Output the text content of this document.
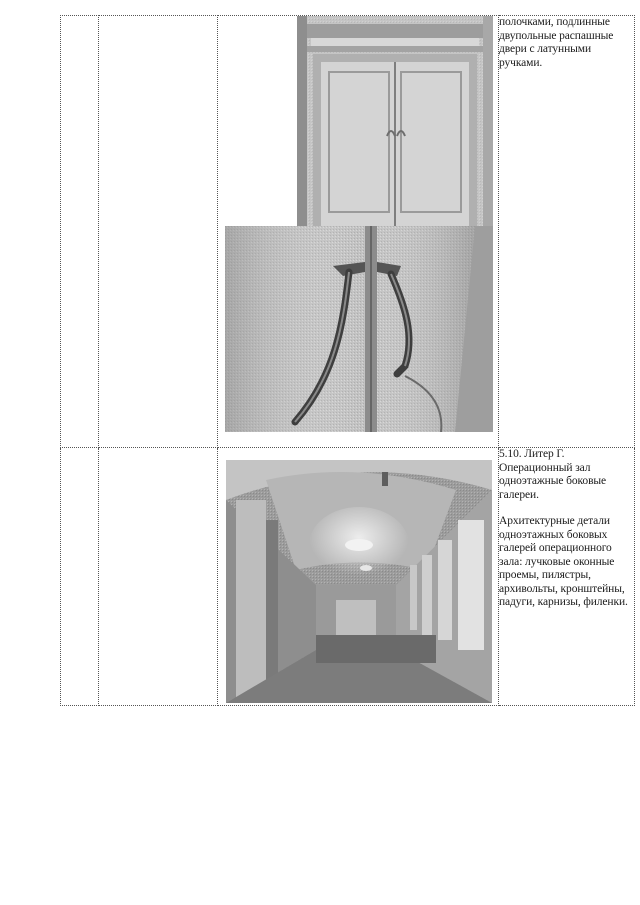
полочками, подлинные двупольные распашные двери с латунными ручками.

5.10. Литер Г. Операционный зал одноэтажные боковые галереи.

Архитектурные детали одноэтажных боковых галерей операционного зала: лучковые оконные проемы, пилястры, архивольты, кронштейны, падуги, карнизы, филенки.
